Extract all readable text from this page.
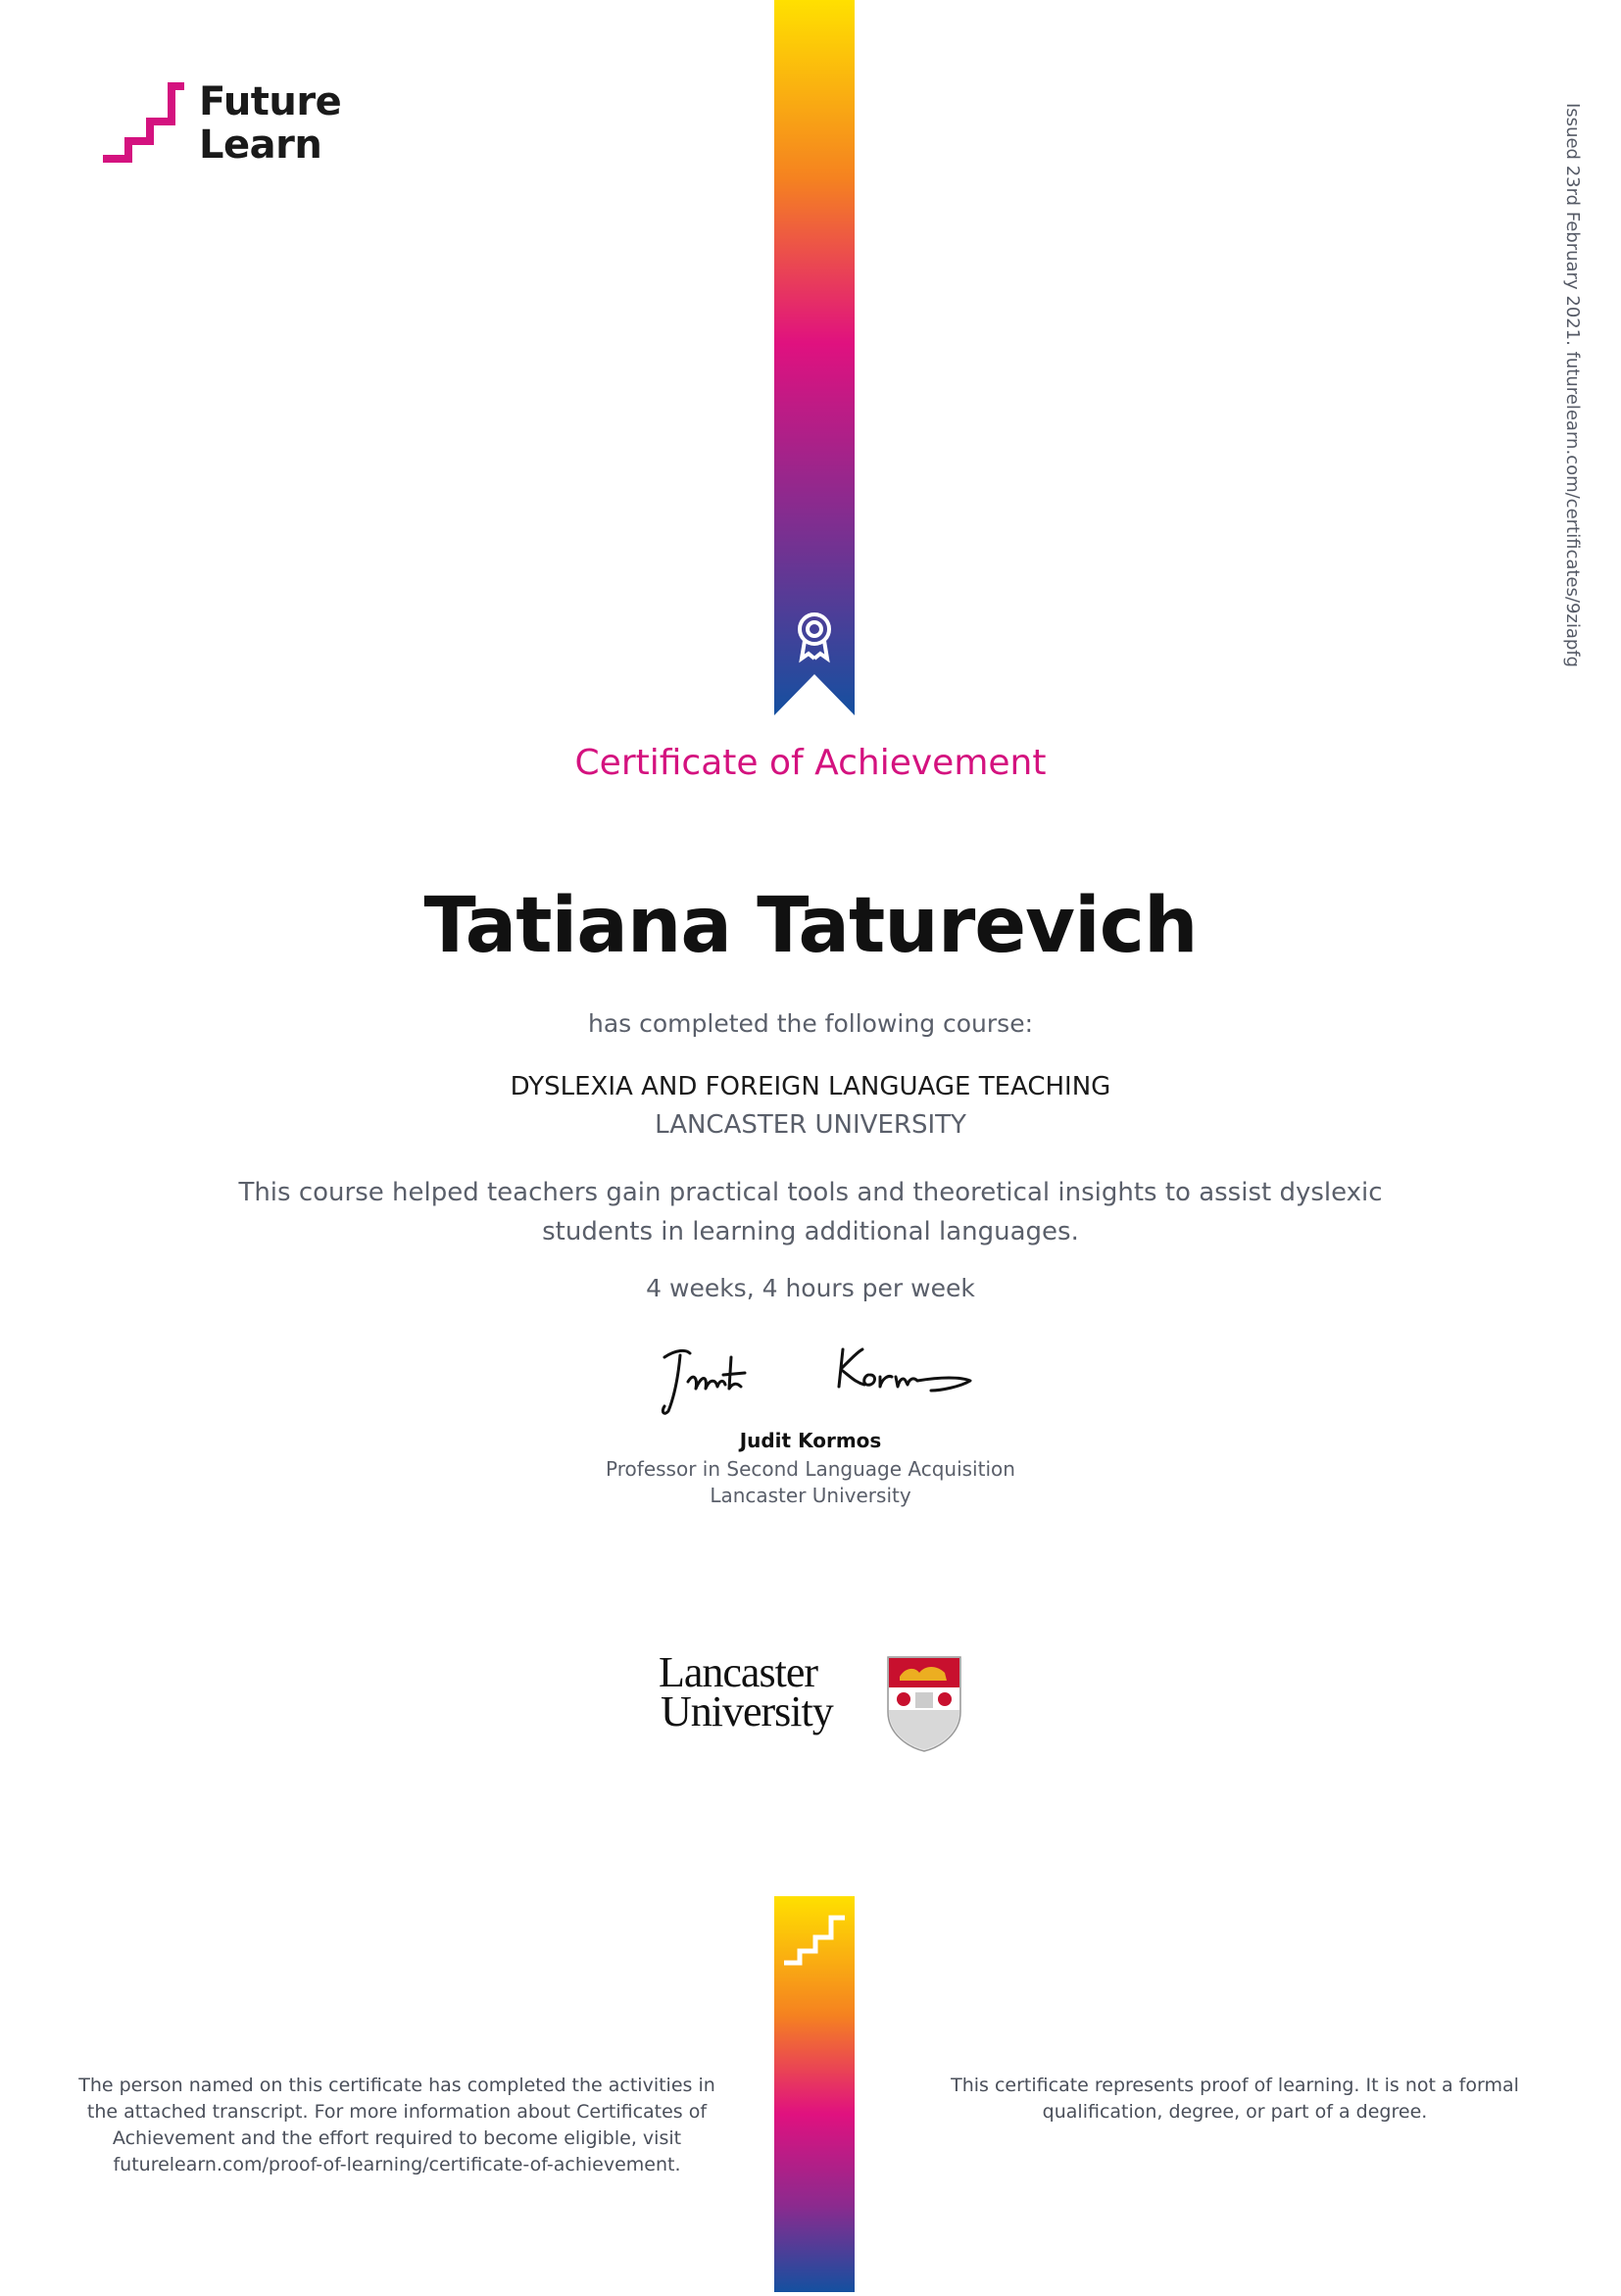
Future
Learn	Issued 23rd February 2021. futurelearn.com/certificates/9ziapfg
Certificate of Achievement
Tatiana Taturevich
has completed the following course:
DYSLEXIA AND FOREIGN LANGUAGE TEACHING
LANCASTER UNIVERSITY
This course helped teachers gain practical tools and theoretical insights to assist dyslexic students in learning additional languages.
4 weeks, 4 hours per week
Judit Kormos
Professor in Second Language Acquisition
Lancaster University
Lancaster
University
The person named on this certificate has completed the activities in the attached transcript. For more information about Certificates of Achievement and the effort required to become eligible, visit futurelearn.com/proof-of-learning/certificate-of-achievement.
This certificate represents proof of learning. It is not a formal qualification, degree, or part of a degree.
